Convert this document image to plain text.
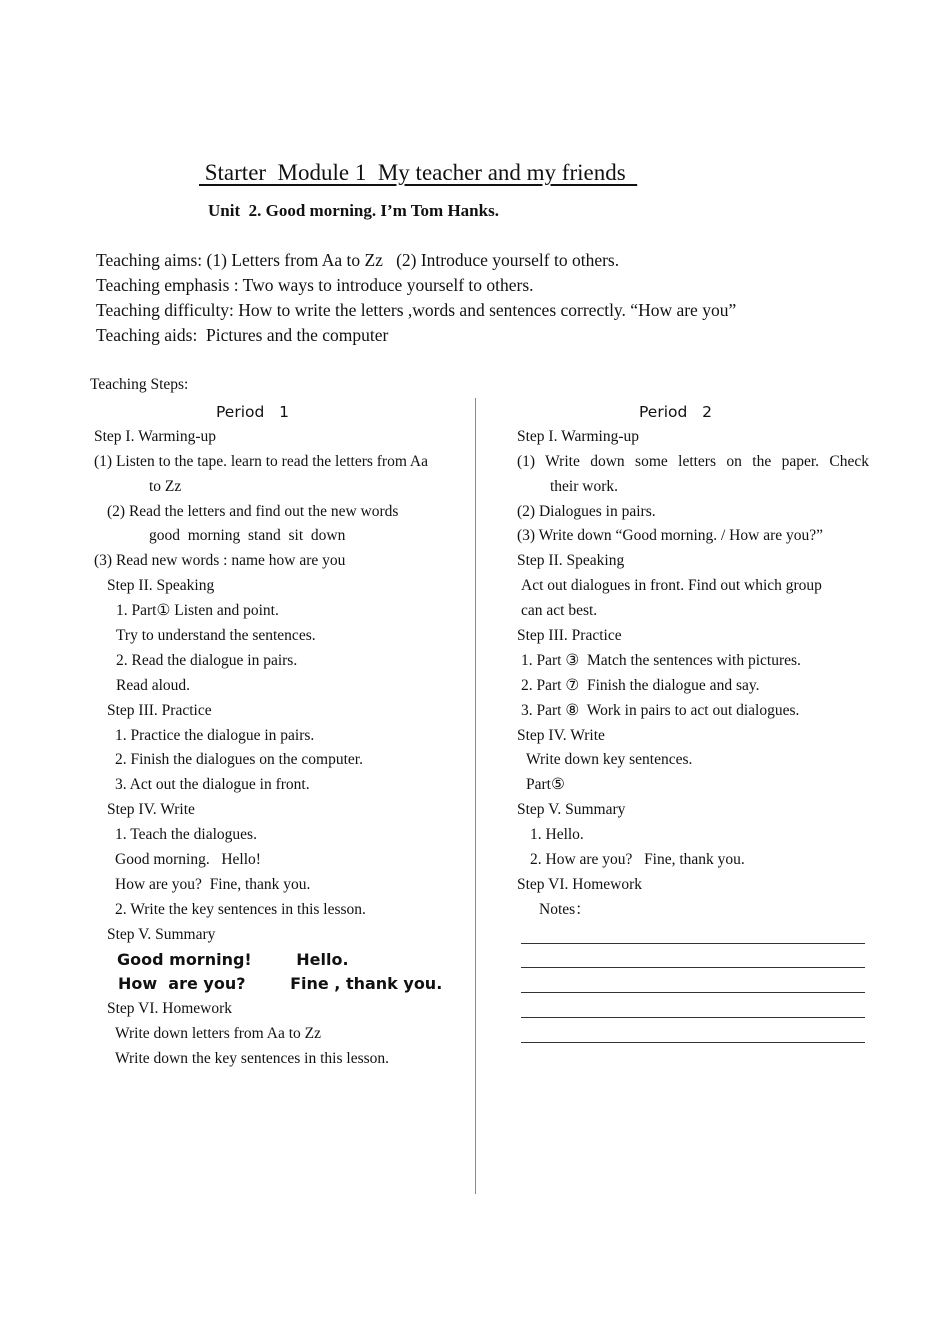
Starter  Module 1  My teacher and my friends
Unit  2. Good morning. I’m Tom Hanks.
Teaching aims: (1) Letters from Aa to Zz   (2) Introduce yourself to others.
Teaching emphasis : Two ways to introduce yourself to others.
Teaching difficulty: How to write the letters ,words and sentences correctly. “How are you”
Teaching aids:  Pictures and the computer
Teaching Steps:
Period   1
Step I. Warming-up
(1) Listen to the tape. learn to read the letters from Aa
to Zz
(2) Read the letters and find out the new words
good  morning  stand  sit  down
(3) Read new words : name how are you
Step II. Speaking
1. Part① Listen and point.
Try to understand the sentences.
2. Read the dialogue in pairs.
Read aloud.
Step III. Practice
1. Practice the dialogue in pairs.
2. Finish the dialogues on the computer.
3. Act out the dialogue in front.
Step IV. Write
1. Teach the dialogues.
Good morning.   Hello!
How are you?  Fine, thank you.
2. Write the key sentences in this lesson.
Step V. Summary
Good morning!        Hello.
How  are you?        Fine , thank you.
Step VI. Homework
Write down letters from Aa to Zz
Write down the key sentences in this lesson.
Period   2
Step I. Warming-up
(1)  Write  down  some  letters  on  the  paper.  Check
their work.
(2) Dialogues in pairs.
(3) Write down “Good morning. / How are you?”
Step II. Speaking
Act out dialogues in front. Find out which group
can act best.
Step III. Practice
1. Part ③  Match the sentences with pictures.
2. Part ⑦  Finish the dialogue and say.
3. Part ⑧  Work in pairs to act out dialogues.
Step IV. Write
Write down key sentences.
Part⑤
Step V. Summary
1. Hello.
2. How are you?   Fine, thank you.
Step VI. Homework
Notes：
